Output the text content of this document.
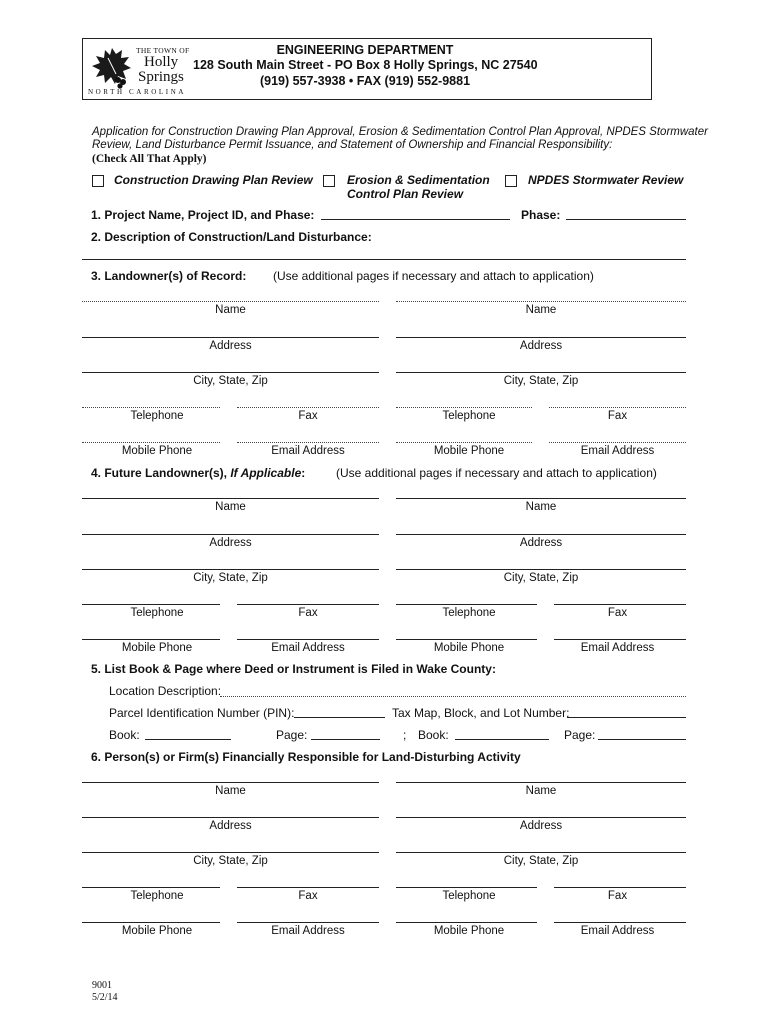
THE TOWN OF
Holly
Springs
NORTH CAROLINA
ENGINEERING DEPARTMENT
128 South Main Street - PO Box 8 Holly Springs, NC 27540
(919) 557-3938 • FAX (919) 552-9881
Application for Construction Drawing Plan Approval, Erosion & Sedimentation Control Plan Approval, NPDES Stormwater
Review, Land Disturbance Permit Issuance, and Statement of Ownership and Financial Responsibility:
(Check All That Apply)
Construction Drawing Plan Review	Erosion & Sedimentation
Control Plan Review
NPDES Stormwater Review
1. Project Name, Project ID, and Phase:	Phase:
2. Description of Construction/Land Disturbance:
3. Landowner(s) of Record: (Use additional pages if necessary and attach to application)
Name	Name
Address	Address
City, State, Zip	City, State, Zip
Telephone	Fax	Telephone	Fax
Mobile Phone	Email Address	Mobile Phone	Email Address
4. Future Landowner(s), If Applicable:	(Use additional pages if necessary and attach to application)
Name	Name
Address	Address
City, State, Zip	City, State, Zip
Telephone	Fax	Telephone	Fax
Mobile Phone	Email Address	Mobile Phone	Email Address
5. List Book & Page where Deed or Instrument is Filed in Wake County:
Location Description:
Parcel Identification Number (PIN):	Tax Map, Block, and Lot Number:
Book:	Page:	; Book:	Page:
6. Person(s) or Firm(s) Financially Responsible for Land-Disturbing Activity
Name	Name
Address	Address
City, State, Zip	City, State, Zip
Telephone	Fax	Telephone	Fax
Mobile Phone	Email Address	Mobile Phone	Email Address
9001
5/2/14
